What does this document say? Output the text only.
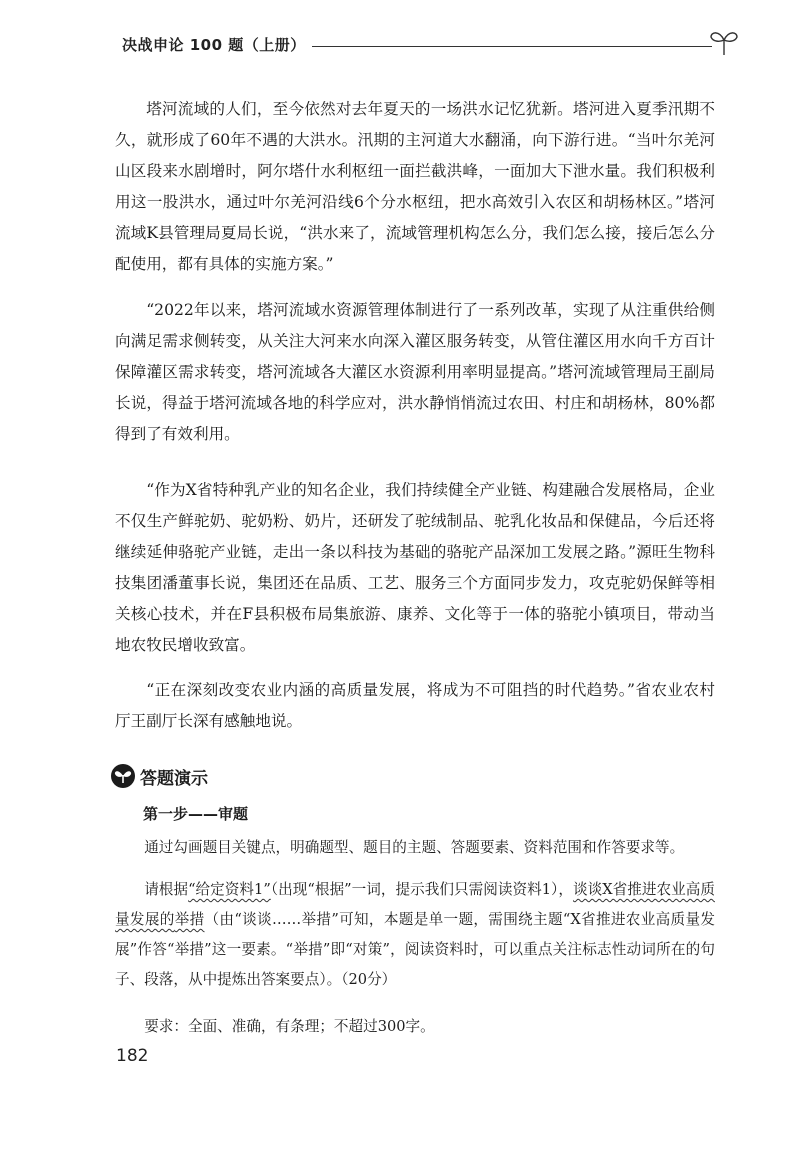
决战申论 100 题（上册）

塔河流域的人们，至今依然对去年夏天的一场洪水记忆犹新。塔河进入夏季汛期不久，就形成了60年不遇的大洪水。汛期的主河道大水翻涌，向下游行进。“当叶尔羌河山区段来水剧增时，阿尔塔什水利枢纽一面拦截洪峰，一面加大下泄水量。我们积极利用这一股洪水，通过叶尔羌河沿线6个分水枢纽，把水高效引入农区和胡杨林区。”塔河流域K县管理局夏局长说，“洪水来了，流域管理机构怎么分，我们怎么接，接后怎么分配使用，都有具体的实施方案。”

“2022年以来，塔河流域水资源管理体制进行了一系列改革，实现了从注重供给侧向满足需求侧转变，从关注大河来水向深入灌区服务转变，从管住灌区用水向千方百计保障灌区需求转变，塔河流域各大灌区水资源利用率明显提高。”塔河流域管理局王副局长说，得益于塔河流域各地的科学应对，洪水静悄悄流过农田、村庄和胡杨林，80%都得到了有效利用。

“作为X省特种乳产业的知名企业，我们持续健全产业链、构建融合发展格局，企业不仅生产鲜驼奶、驼奶粉、奶片，还研发了驼绒制品、驼乳化妆品和保健品，今后还将继续延伸骆驼产业链，走出一条以科技为基础的骆驼产品深加工发展之路。”源旺生物科技集团潘董事长说，集团还在品质、工艺、服务三个方面同步发力，攻克驼奶保鲜等相关核心技术，并在F县积极布局集旅游、康养、文化等于一体的骆驼小镇项目，带动当地农牧民增收致富。

“正在深刻改变农业内涵的高质量发展，将成为不可阻挡的时代趋势。”省农业农村厅王副厅长深有感触地说。

答题演示
第一步——审题

通过勾画题目关键点，明确题型、题目的主题、答题要素、资料范围和作答要求等。

请根据“给定资料1”（出现“根据”一词，提示我们只需阅读资料1），谈谈X省推进农业高质量发展的举措（由“谈谈……举措”可知，本题是单一题，需围绕主题“X省推进农业高质量发展”作答“举措”这一要素。“举措”即“对策”，阅读资料时，可以重点关注标志性动词所在的句子、段落，从中提炼出答案要点）。（20分）

要求：全面、准确，有条理；不超过300字。

182
